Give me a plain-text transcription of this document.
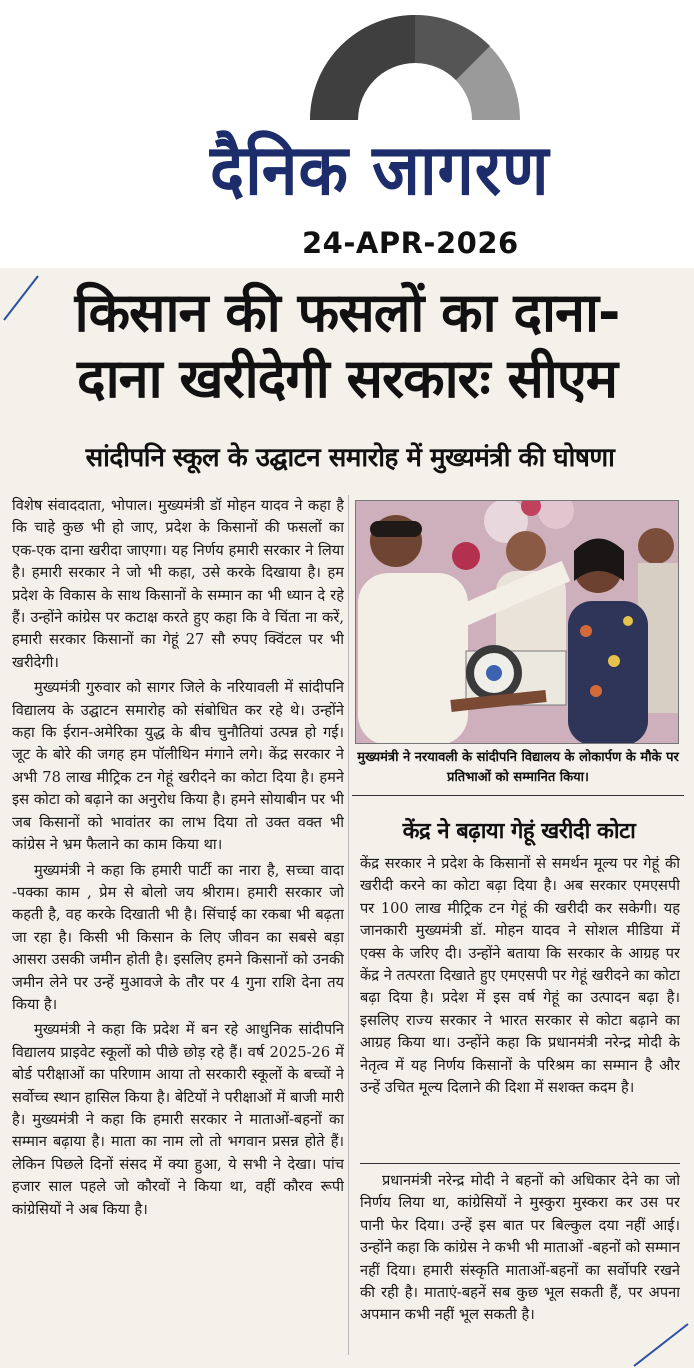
दैनिक जागरण
24-APR-2026
किसान की फसलों का दाना-
दाना खरीदेगी सरकारः सीएम
सांदीपनि स्कूल के उद्घाटन समारोह में मुख्यमंत्री की घोषणा

विशेष संवाददाता, भोपाल। मुख्यमंत्री डॉ मोहन यादव ने कहा है कि चाहे कुछ भी हो जाए, प्रदेश के किसानों की फसलों का एक-एक दाना खरीदा जाएगा। यह निर्णय हमारी सरकार ने लिया है। हमारी सरकार ने जो भी कहा, उसे करके दिखाया है। हम प्रदेश के विकास के साथ किसानों के सम्मान का भी ध्यान दे रहे हैं। उन्होंने कांग्रेस पर कटाक्ष करते हुए कहा कि वे चिंता ना करें, हमारी सरकार किसानों का गेहूं 27 सौ रुपए क्विंटल पर भी खरीदेगी।

मुख्यमंत्री गुरुवार को सागर जिले के नरियावली में सांदीपनि विद्यालय के उद्घाटन समारोह को संबोधित कर रहे थे। उन्होंने कहा कि ईरान-अमेरिका युद्ध के बीच चुनौतियां उत्पन्न हो गई। जूट के बोरे की जगह हम पॉलीथिन मंगाने लगे। केंद्र सरकार ने अभी 78 लाख मीट्रिक टन गेहूं खरीदने का कोटा दिया है। हमने इस कोटा को बढ़ाने का अनुरोध किया है। हमने सोयाबीन पर भी जब किसानों को भावांतर का लाभ दिया तो उक्त वक्त भी कांग्रेस ने भ्रम फैलाने का काम किया था।

मुख्यमंत्री ने कहा कि हमारी पार्टी का नारा है, सच्चा वादा -पक्का काम , प्रेम से बोलो जय श्रीराम। हमारी सरकार जो कहती है, वह करके दिखाती भी है। सिंचाई का रकबा भी बढ़ता जा रहा है। किसी भी किसान के लिए जीवन का सबसे बड़ा आसरा उसकी जमीन होती है। इसलिए हमने किसानों को उनकी जमीन लेने पर उन्हें मुआवजे के तौर पर 4 गुना राशि देना तय किया है।

मुख्यमंत्री ने कहा कि प्रदेश में बन रहे आधुनिक सांदीपनि विद्यालय प्राइवेट स्कूलों को पीछे छोड़ रहे हैं। वर्ष 2025-26 में बोर्ड परीक्षाओं का परिणाम आया तो सरकारी स्कूलों के बच्चों ने सर्वोच्च स्थान हासिल किया है। बेटियों ने परीक्षाओं में बाजी मारी है। मुख्यमंत्री ने कहा कि हमारी सरकार ने माताओं-बहनों का सम्मान बढ़ाया है। माता का नाम लो तो भगवान प्रसन्न होते हैं। लेकिन पिछले दिनों संसद में क्या हुआ, ये सभी ने देखा। पांच हजार साल पहले जो कौरवों ने किया था, वहीं कौरव रूपी कांग्रेसियों ने अब किया है।

मुख्यमंत्री ने नरयावली के सांदीपनि विद्यालय के लोकार्पण के मौके पर प्रतिभाओं को सम्मानित किया।
केंद्र ने बढ़ाया गेहूं खरीदी कोटा

केंद्र सरकार ने प्रदेश के किसानों से समर्थन मूल्य पर गेहूं की खरीदी करने का कोटा बढ़ा दिया है। अब सरकार एमएसपी पर 100 लाख मीट्रिक टन गेहूं की खरीदी कर सकेगी। यह जानकारी मुख्यमंत्री डॉ. मोहन यादव ने सोशल मीडिया में एक्स के जरिए दी। उन्होंने बताया कि सरकार के आग्रह पर केंद्र ने तत्परता दिखाते हुए एमएसपी पर गेहूं खरीदने का कोटा बढ़ा दिया है। प्रदेश में इस वर्ष गेहूं का उत्पादन बढ़ा है। इसलिए राज्य सरकार ने भारत सरकार से कोटा बढ़ाने का आग्रह किया था। उन्होंने कहा कि प्रधानमंत्री नरेन्द्र मोदी के नेतृत्व में यह निर्णय किसानों के परिश्रम का सम्मान है और उन्हें उचित मूल्य दिलाने की दिशा में सशक्त कदम है।

प्रधानमंत्री नरेन्द्र मोदी ने बहनों को अधिकार देने का जो निर्णय लिया था, कांग्रेसियों ने मुस्कुरा मुस्करा कर उस पर पानी फेर दिया। उन्हें इस बात पर बिल्कुल दया नहीं आई। उन्होंने कहा कि कांग्रेस ने कभी भी माताओं -बहनों को सम्मान नहीं दिया। हमारी संस्कृति माताओं-बहनों का सर्वोपरि रखने की रही है। माताएं-बहनें सब कुछ भूल सकती हैं, पर अपना अपमान कभी नहीं भूल सकती है।
